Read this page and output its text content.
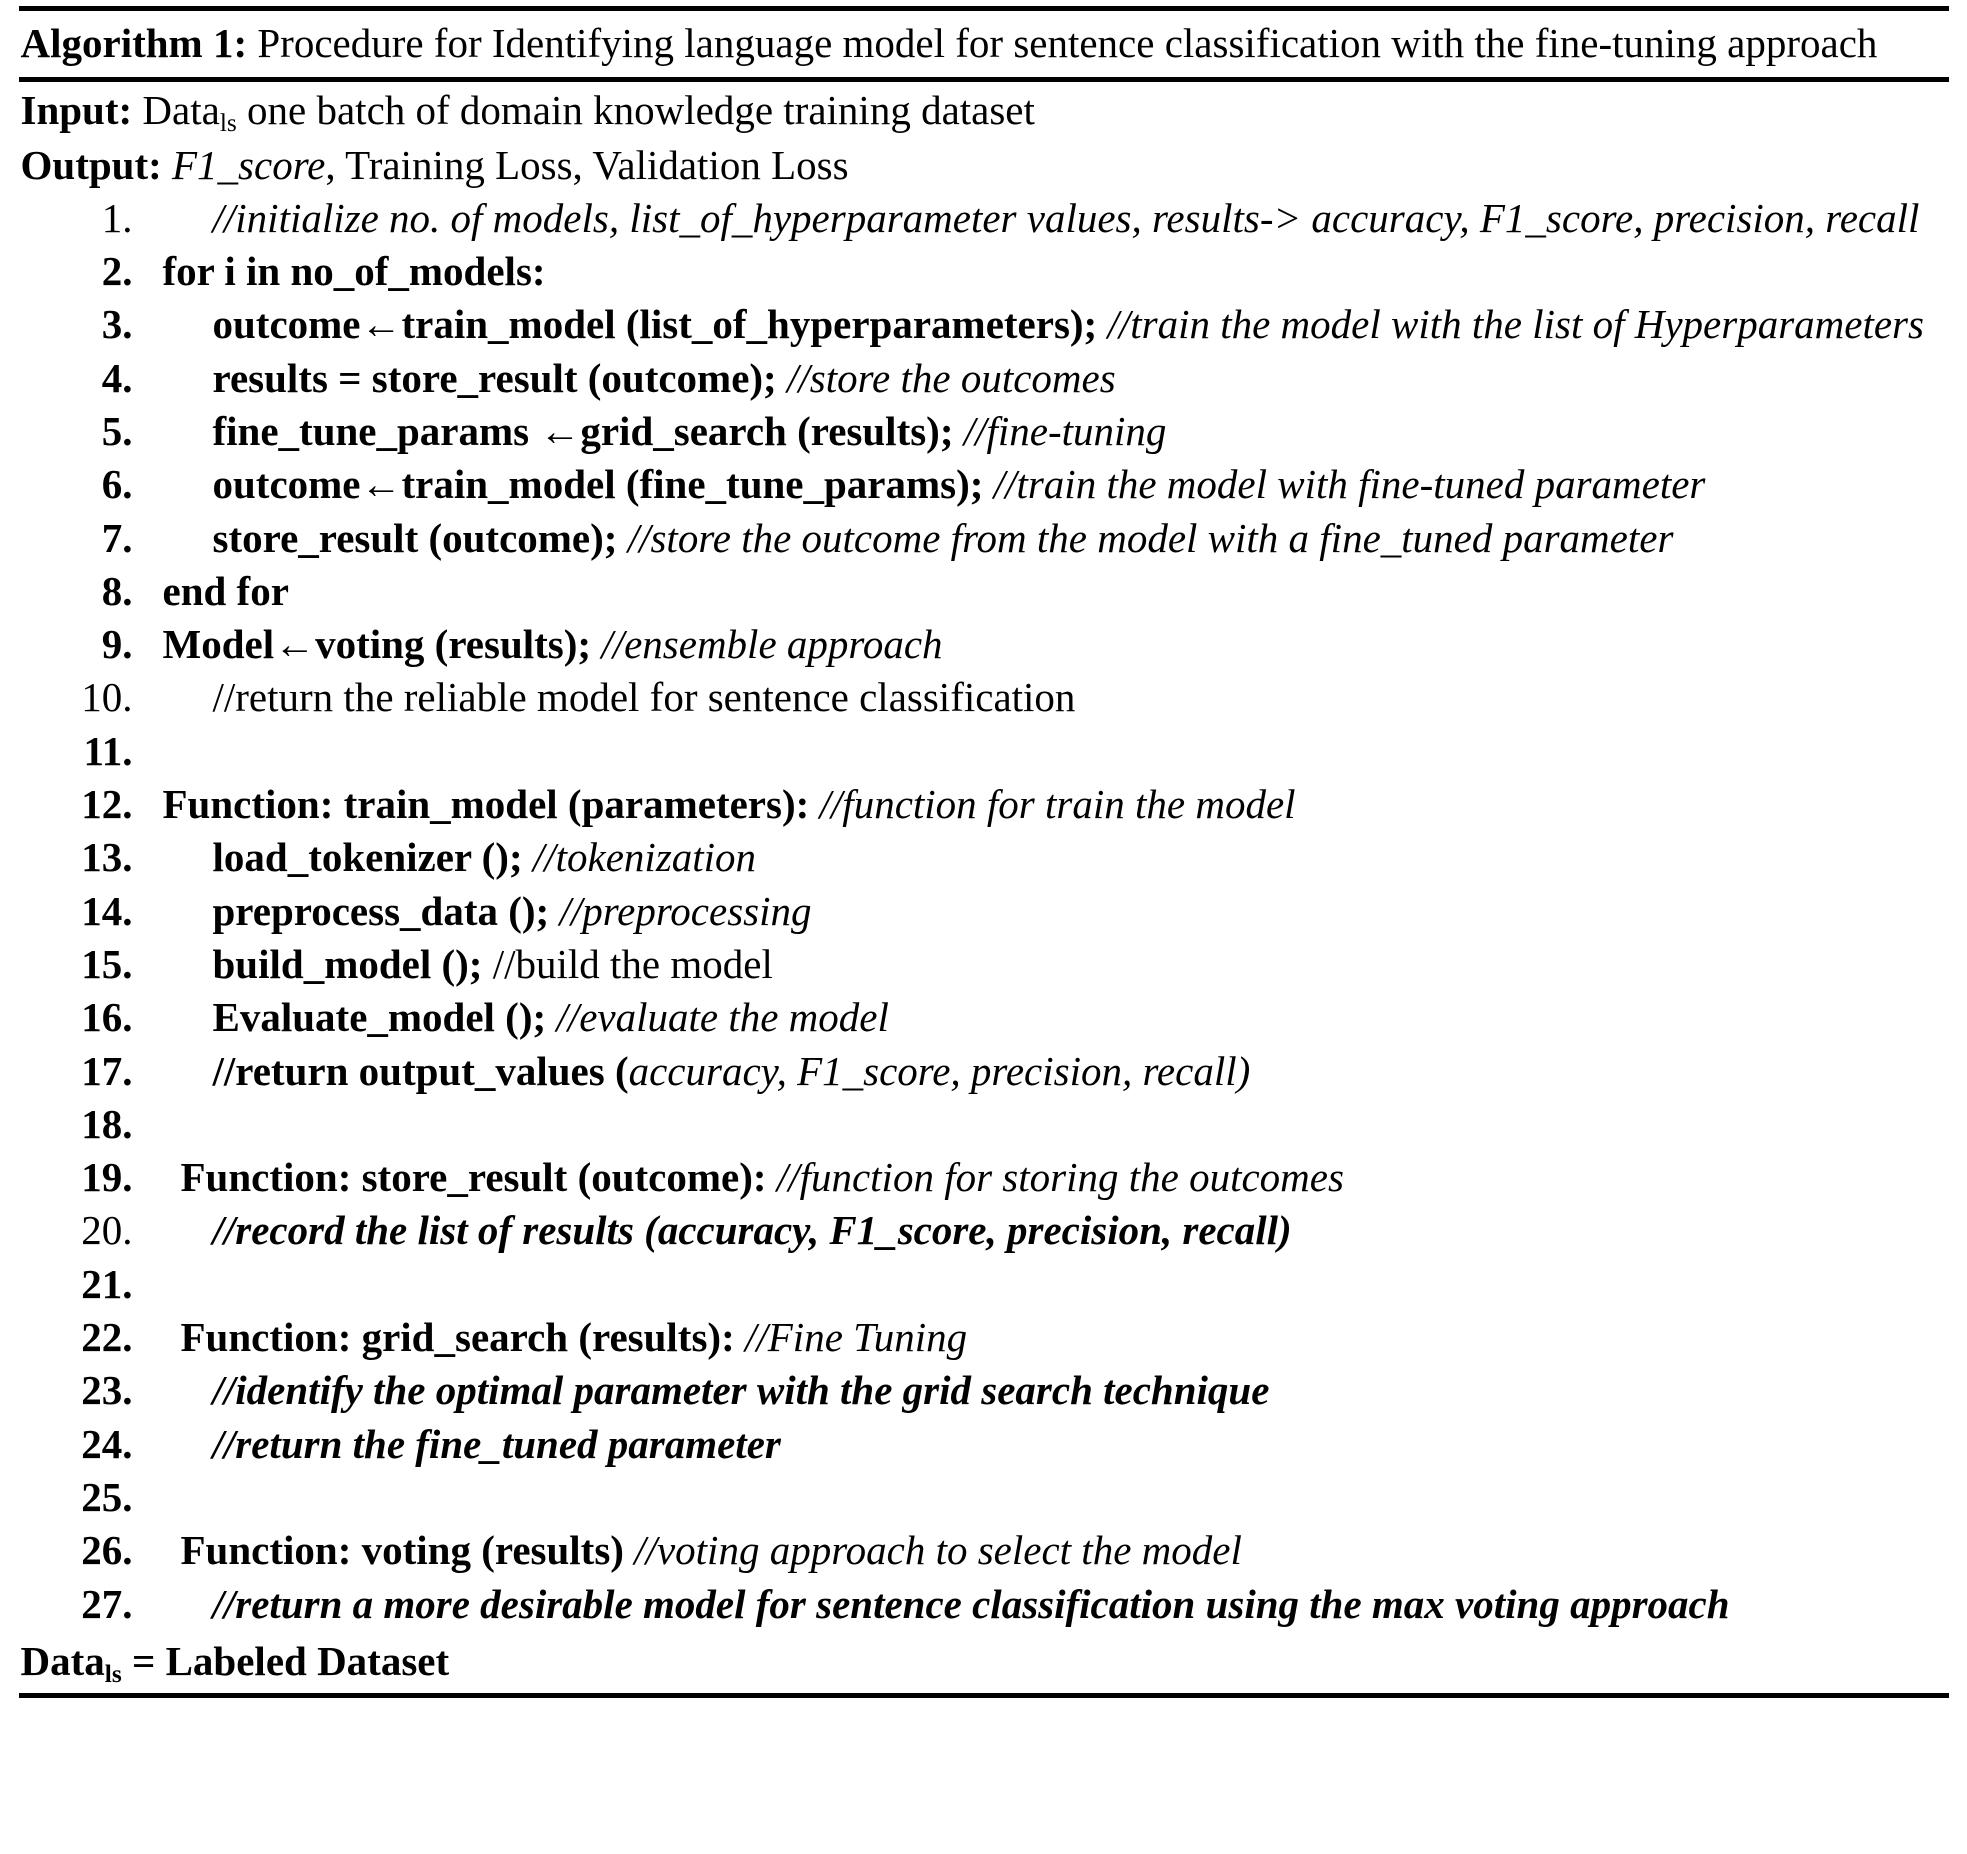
Algorithm 1: Procedure for Identifying language model for sentence classification with the fine-tuning approach
Input: Data$_{ls}$ one batch of domain knowledge training dataset
Output: F1_score, Training Loss, Validation Loss
1.	//initialize no. of models, list_of_hyperparameter values, results-> accuracy, F1_score, precision, recall
2. for i in no_of_models:
3.	outcome←train_model (list_of_hyperparameters); //train the model with the list of Hyperparameters
4.	results = store_result (outcome); //store the outcomes
5.	fine_tune_params ←grid_search (results); //fine-tuning
6.	outcome←train_model (fine_tune_params); //train the model with fine-tuned parameter
7.	store_result (outcome); //store the outcome from the model with a fine_tuned parameter
8. end for
9. Model←voting (results); //ensemble approach
10.	//return the reliable model for sentence classification
11.

12. Function: train_model (parameters): //function for train the model
13.	load_tokenizer (); //tokenization
14.	preprocess_data (); //preprocessing
15.	build_model (); //build the model
16.	Evaluate_model (); //evaluate the model
17.	//return output_values (accuracy, F1_score, precision, recall)
18.

19.	Function: store_result (outcome): //function for storing the outcomes
20.	//record the list of results (accuracy, F1_score, precision, recall)
21.

22.	Function: grid_search (results): //Fine Tuning
23.	//identify the optimal parameter with the grid search technique
24.	//return the fine_tuned parameter
25.

26.	Function: voting (results) //voting approach to select the model
27.	//return a more desirable model for sentence classification using the max voting approach
Data$_{ls}$ = Labeled Dataset
